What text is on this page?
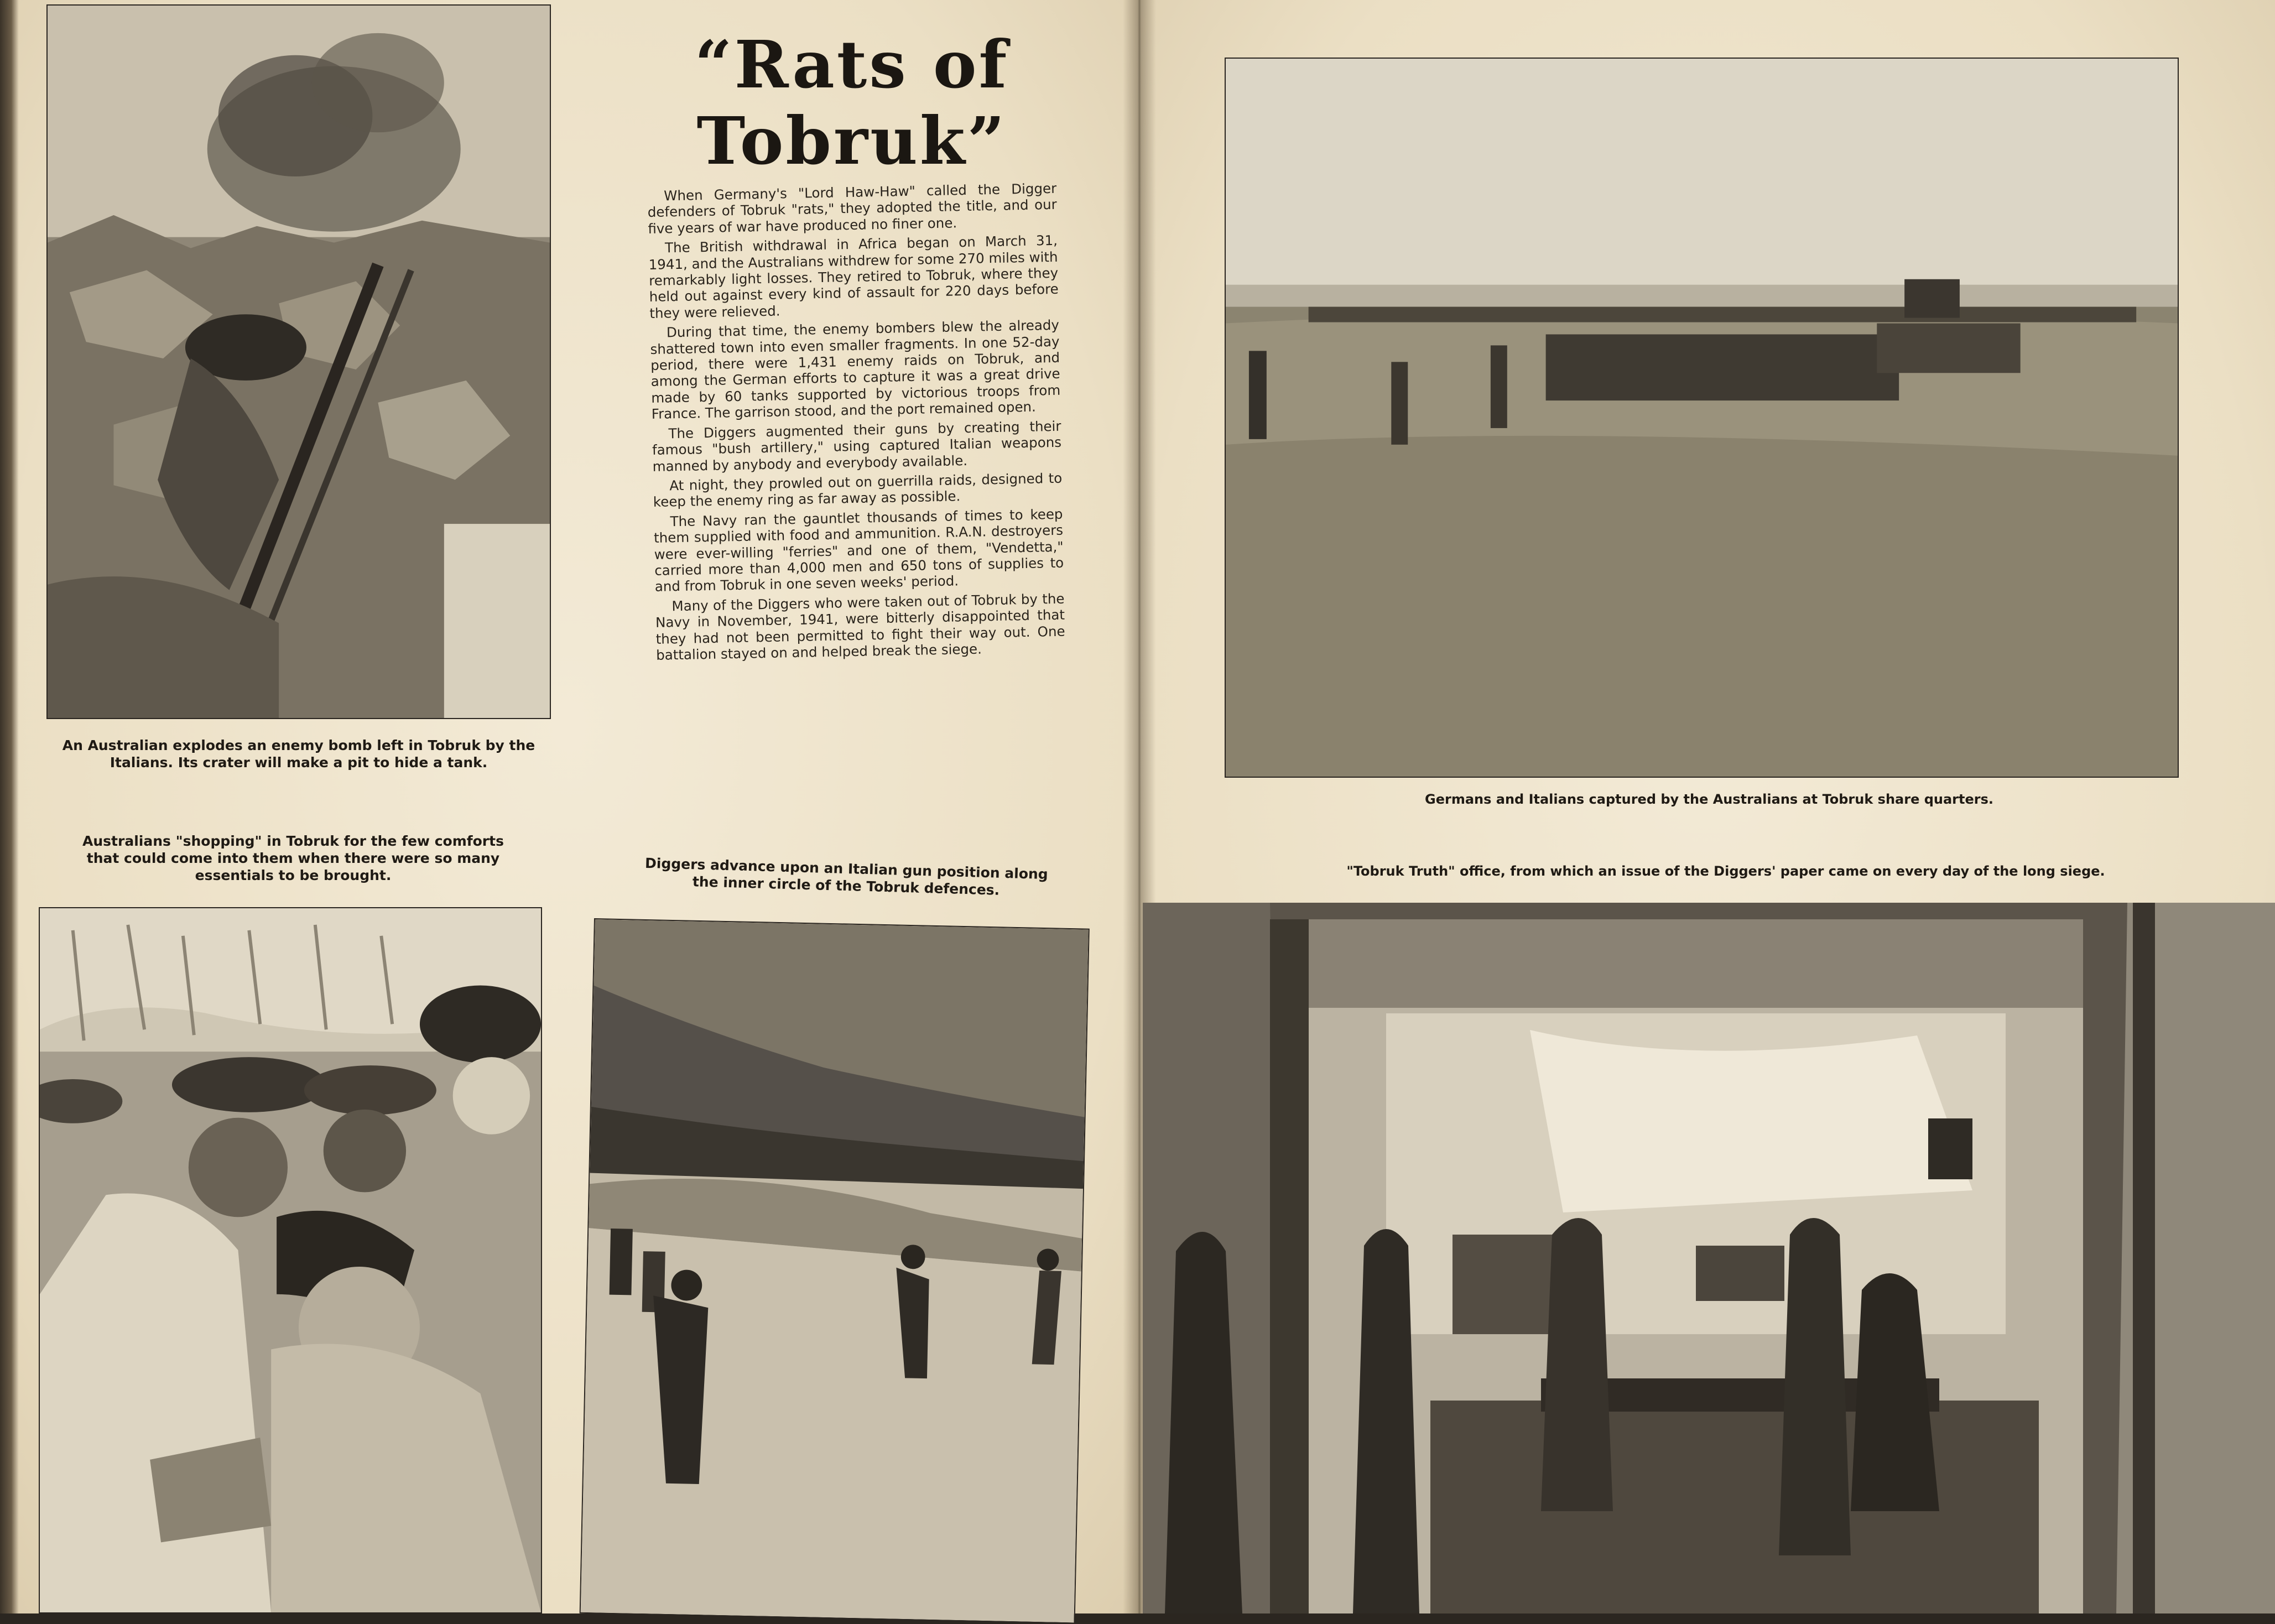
An Australian explodes an enemy bomb left in Tobruk by the Italians. Its crater will make a pit to hide a tank.
“Rats of Tobruk”

When Germany's "Lord Haw-Haw" called the Digger defenders of Tobruk "rats," they adopted the title, and our five years of war have produced no finer one.

The British withdrawal in Africa began on March 31, 1941, and the Australians withdrew for some 270 miles with remarkably light losses. They retired to Tobruk, where they held out against every kind of assault for 220 days before they were relieved.

During that time, the enemy bombers blew the already shattered town into even smaller fragments. In one 52-day period, there were 1,431 enemy raids on Tobruk, and among the German efforts to capture it was a great drive made by 60 tanks supported by victorious troops from France. The garrison stood, and the port remained open.

The Diggers augmented their guns by creating their famous "bush artillery," using captured Italian weapons manned by anybody and everybody available.

At night, they prowled out on guerrilla raids, designed to keep the enemy ring as far away as possible.

The Navy ran the gauntlet thousands of times to keep them supplied with food and ammunition. R.A.N. destroyers were ever-willing "ferries" and one of them, "Vendetta," carried more than 4,000 men and 650 tons of supplies to and from Tobruk in one seven weeks' period.

Many of the Diggers who were taken out of Tobruk by the Navy in November, 1941, were bitterly disappointed that they had not been permitted to fight their way out. One battalion stayed on and helped break the siege.

Australians "shopping" in Tobruk for the few comforts that could come into them when there were so many essentials to be brought.	Diggers advance upon an Italian gun position along the inner circle of the Tobruk defences.
Germans and Italians captured by the Australians at Tobruk share quarters.
"Tobruk Truth" office, from which an issue of the Diggers' paper came on every day of the long siege.
